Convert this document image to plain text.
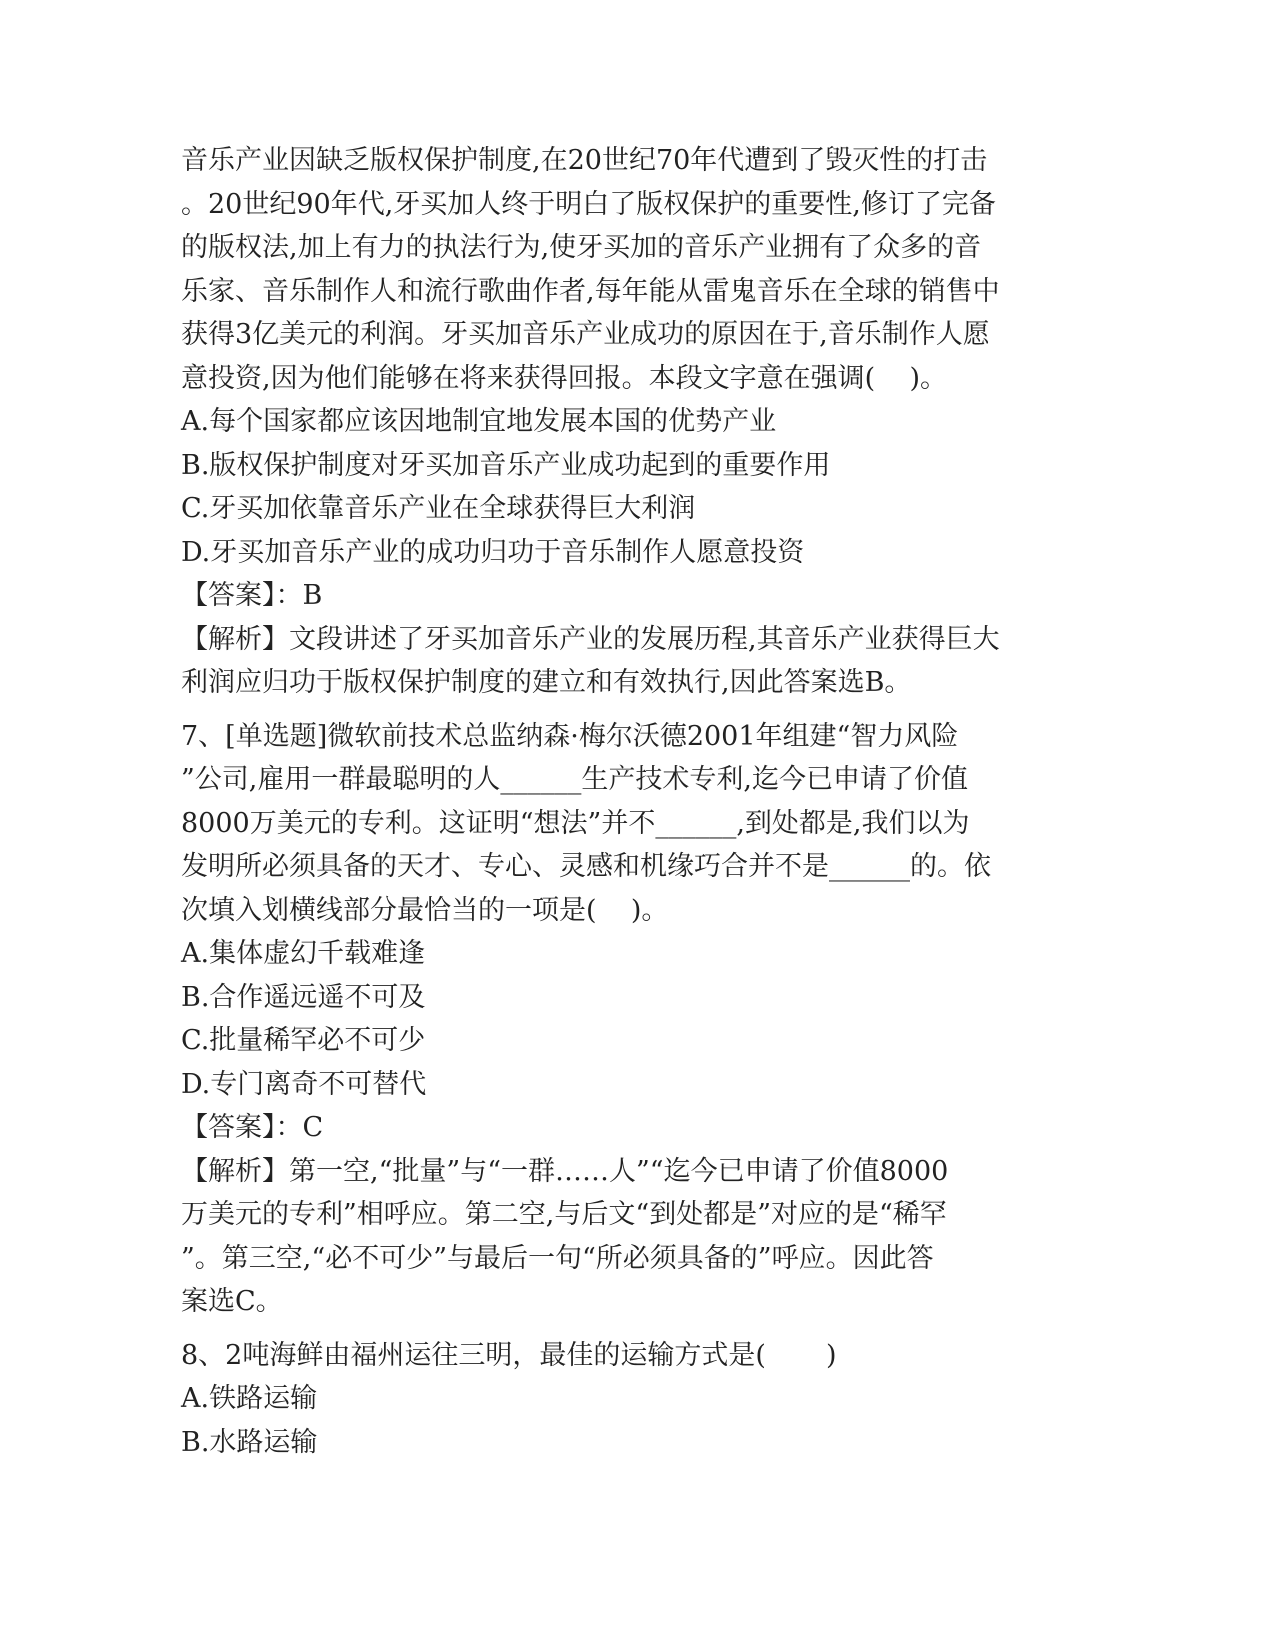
音乐产业因缺乏版权保护制度,在20世纪70年代遭到了毁灭性的打击
。20世纪90年代,牙买加人终于明白了版权保护的重要性,修订了完备
的版权法,加上有力的执法行为,使牙买加的音乐产业拥有了众多的音
乐家、音乐制作人和流行歌曲作者,每年能从雷鬼音乐在全球的销售中
获得3亿美元的利润。牙买加音乐产业成功的原因在于,音乐制作人愿
意投资,因为他们能够在将来获得回报。本段文字意在强调(    )。
A.每个国家都应该因地制宜地发展本国的优势产业
B.版权保护制度对牙买加音乐产业成功起到的重要作用
C.牙买加依靠音乐产业在全球获得巨大利润
D.牙买加音乐产业的成功归功于音乐制作人愿意投资
【答案】：B
【解析】文段讲述了牙买加音乐产业的发展历程,其音乐产业获得巨大
利润应归功于版权保护制度的建立和有效执行,因此答案选B。
7、[单选题]微软前技术总监纳森·梅尔沃德2001年组建“智力风险
”公司,雇用一群最聪明的人______生产技术专利,迄今已申请了价值
8000万美元的专利。这证明“想法”并不______,到处都是,我们以为
发明所必须具备的天才、专心、灵感和机缘巧合并不是______的。依
次填入划横线部分最恰当的一项是(    )。
A.集体虚幻千载难逢
B.合作遥远遥不可及
C.批量稀罕必不可少
D.专门离奇不可替代
【答案】：C
【解析】第一空,“批量”与“一群……人”“迄今已申请了价值8000
万美元的专利”相呼应。第二空,与后文“到处都是”对应的是“稀罕
”。第三空,“必不可少”与最后一句“所必须具备的”呼应。因此答
案选C。
8、2吨海鲜由福州运往三明，最佳的运输方式是(       )
A.铁路运输
B.水路运输
